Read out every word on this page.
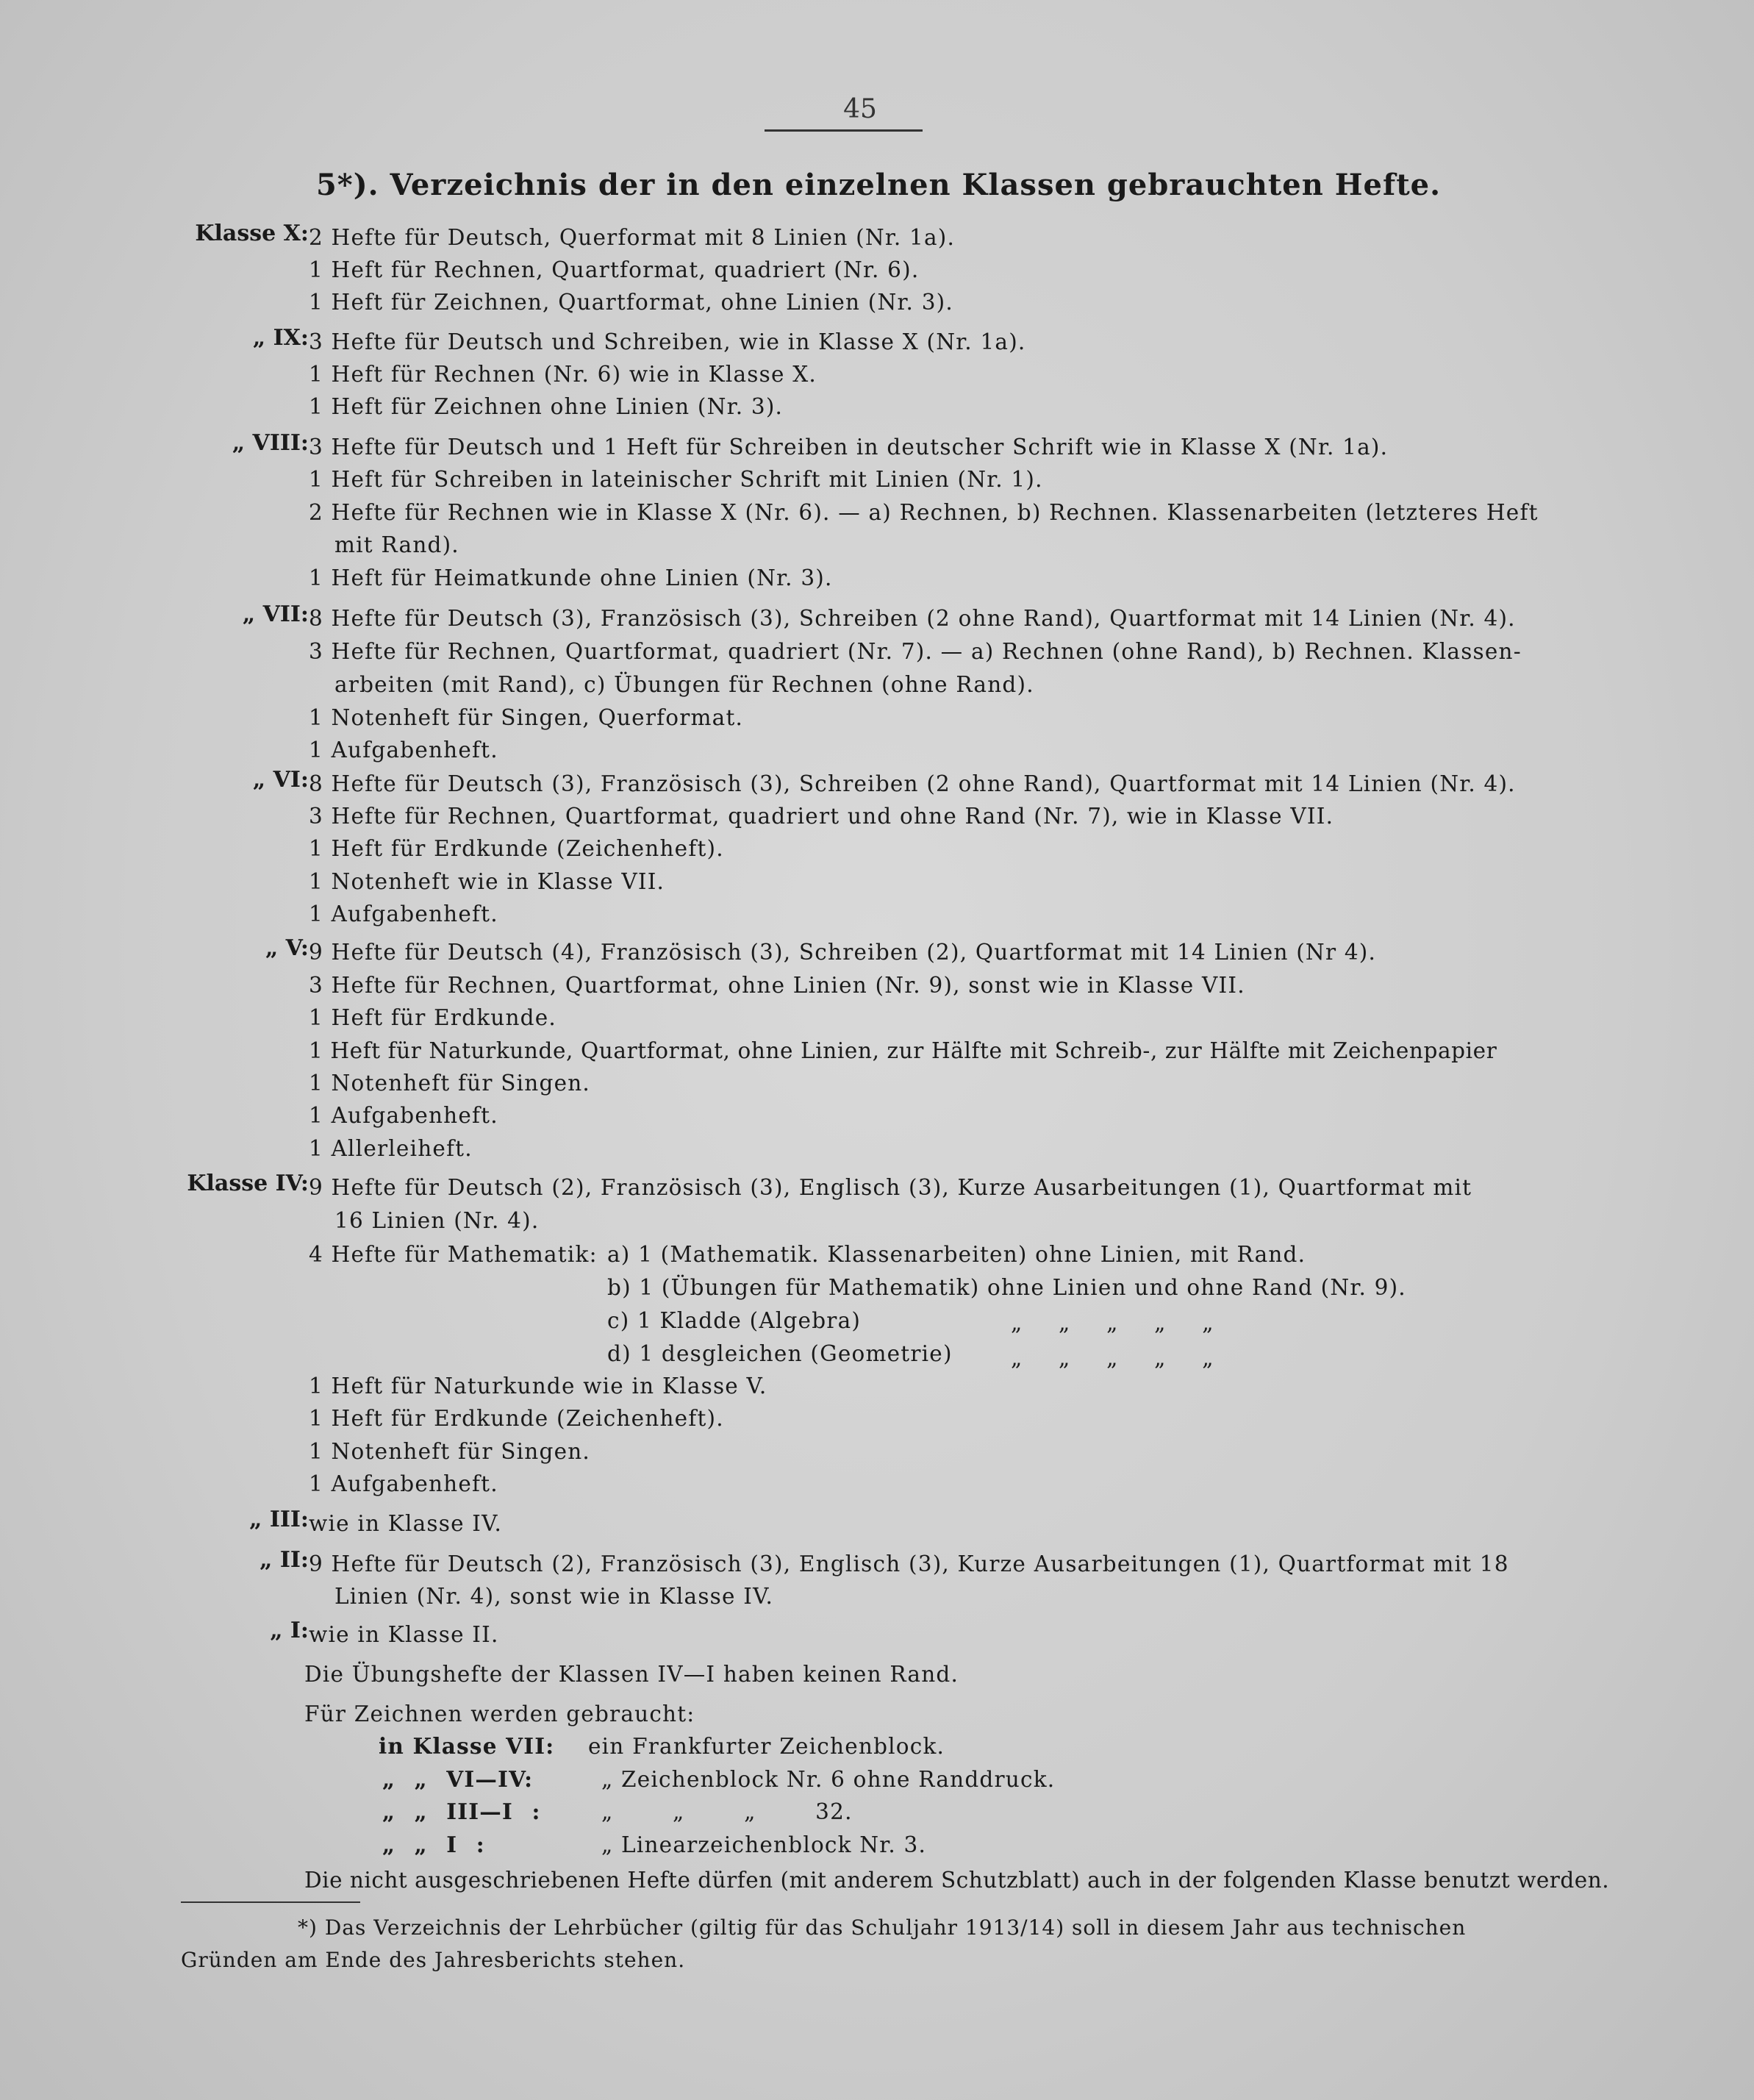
45
5*). Verzeichnis der in den einzelnen Klassen gebrauchten Hefte.
Klasse X: 2 Hefte für Deutsch, Querformat mit 8 Linien (Nr. 1a).
1 Heft für Rechnen, Quartformat, quadriert (Nr. 6).
1 Heft für Zeichnen, Quartformat, ohne Linien (Nr. 3).
„ IX: 3 Hefte für Deutsch und Schreiben, wie in Klasse X (Nr. 1a).
1 Heft für Rechnen (Nr. 6) wie in Klasse X.
1 Heft für Zeichnen ohne Linien (Nr. 3).
„ VIII: 3 Hefte für Deutsch und 1 Heft für Schreiben in deutscher Schrift wie in Klasse X (Nr. 1a).
1 Heft für Schreiben in lateinischer Schrift mit Linien (Nr. 1).
2 Hefte für Rechnen wie in Klasse X (Nr. 6). — a) Rechnen, b) Rechnen. Klassenarbeiten (letzteres Heft
mit Rand).
1 Heft für Heimatkunde ohne Linien (Nr. 3).
„ VII: 8 Hefte für Deutsch (3), Französisch (3), Schreiben (2 ohne Rand), Quartformat mit 14 Linien (Nr. 4).
3 Hefte für Rechnen, Quartformat, quadriert (Nr. 7). — a) Rechnen (ohne Rand), b) Rechnen. Klassen-
arbeiten (mit Rand), c) Übungen für Rechnen (ohne Rand).
1 Notenheft für Singen, Querformat.
1 Aufgabenheft.
„ VI: 8 Hefte für Deutsch (3), Französisch (3), Schreiben (2 ohne Rand), Quartformat mit 14 Linien (Nr. 4).
3 Hefte für Rechnen, Quartformat, quadriert und ohne Rand (Nr. 7), wie in Klasse VII.
1 Heft für Erdkunde (Zeichenheft).
1 Notenheft wie in Klasse VII.
1 Aufgabenheft.
„ V: 9 Hefte für Deutsch (4), Französisch (3), Schreiben (2), Quartformat mit 14 Linien (Nr 4).
3 Hefte für Rechnen, Quartformat, ohne Linien (Nr. 9), sonst wie in Klasse VII.
1 Heft für Erdkunde.
1 Heft für Naturkunde, Quartformat, ohne Linien, zur Hälfte mit Schreib-, zur Hälfte mit Zeichenpapier
1 Notenheft für Singen.
1 Aufgabenheft.
1 Allerleiheft.
Klasse IV: 9 Hefte für Deutsch (2), Französisch (3), Englisch (3), Kurze Ausarbeitungen (1), Quartformat mit
16 Linien (Nr. 4).
4 Hefte für Mathematik: a) 1 (Mathematik. Klassenarbeiten) ohne Linien, mit Rand.
b) 1 (Übungen für Mathematik) ohne Linien und ohne Rand (Nr. 9).
c) 1 Kladde (Algebra)	„ „ „ „ „
d) 1 desgleichen (Geometrie)	„ „ „ „ „
1 Heft für Naturkunde wie in Klasse V.
1 Heft für Erdkunde (Zeichenheft).
1 Notenheft für Singen.
1 Aufgabenheft.
„ III: wie in Klasse IV.
„ II: 9 Hefte für Deutsch (2), Französisch (3), Englisch (3), Kurze Ausarbeitungen (1), Quartformat mit 18
Linien (Nr. 4), sonst wie in Klasse IV.
„ I: wie in Klasse II.
Die Übungshefte der Klassen IV—I haben keinen Rand.
Für Zeichnen werden gebraucht:
in Klasse VII: ein Frankfurter Zeichenblock.
„ „ VI—IV:	„ Zeichenblock Nr. 6 ohne Randdruck.
„ „ III—I :	„ „ „ 32.
„ „ I :	„ Linearzeichenblock Nr. 3.
Die nicht ausgeschriebenen Hefte dürfen (mit anderem Schutzblatt) auch in der folgenden Klasse benutzt werden.
*) Das Verzeichnis der Lehrbücher (giltig für das Schuljahr 1913/14) soll in diesem Jahr aus technischen
Gründen am Ende des Jahresberichts stehen.
